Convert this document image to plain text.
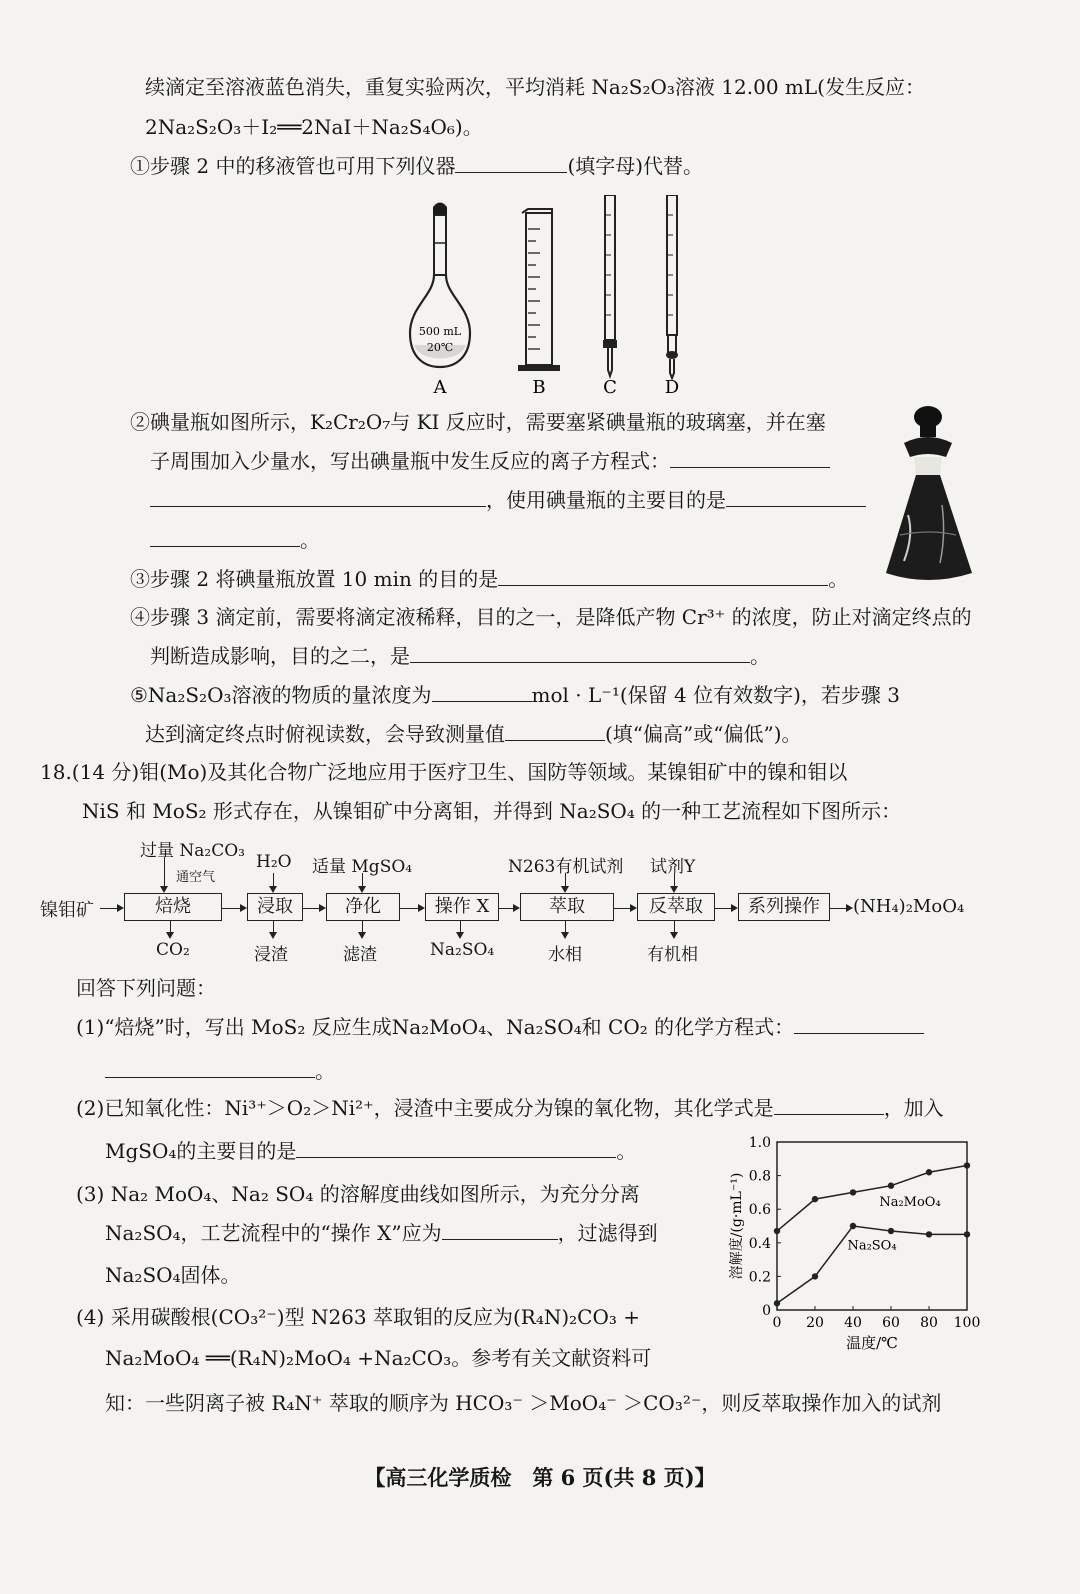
续滴定至溶液蓝色消失，重复实验两次，平均消耗 Na₂S₂O₃溶液 12.00 mL(发生反应：
2Na₂S₂O₃＋I₂══2NaI＋Na₂S₄O₆)。
①步骤 2 中的移液管也可用下列仪器	(填字母)代替。
500 mL
20℃
A	B	C	D
②碘量瓶如图所示，K₂Cr₂O₇与 KI 反应时，需要塞紧碘量瓶的玻璃塞，并在塞
子周围加入少量水，写出碘量瓶中发生反应的离子方程式：
，使用碘量瓶的主要目的是
。
③步骤 2 将碘量瓶放置 10 min 的目的是	。
④步骤 3 滴定前，需要将滴定液稀释，目的之一，是降低产物 Cr³⁺ 的浓度，防止对滴定终点的
判断造成影响，目的之二，是	。
⑤Na₂S₂O₃溶液的物质的量浓度为	mol · L⁻¹(保留 4 位有效数字)，若步骤 3
达到滴定终点时俯视读数，会导致测量值	(填“偏高”或“偏低”)。
18.(14 分)钼(Mo)及其化合物广泛地应用于医疗卫生、国防等领域。某镍钼矿中的镍和钼以
NiS 和 MoS₂ 形式存在，从镍钼矿中分离钼，并得到 Na₂SO₄ 的一种工艺流程如下图所示：
镍钼矿	焙烧	浸取	净化	操作 X	萃取	反萃取	系列操作	(NH₄)₂MoO₄
过量 Na₂CO₃
通空气
H₂O 适量 MgSO₄	N263有机试剂 试剂Y
CO₂	浸渣	滤渣	Na₂SO₄	水相	有机相
回答下列问题：
(1)“焙烧”时，写出 MoS₂ 反应生成Na₂MoO₄、Na₂SO₄和 CO₂ 的化学方程式：
。
(2)已知氧化性：Ni³⁺＞O₂＞Ni²⁺，浸渣中主要成分为镍的氧化物，其化学式是	，加入
MgSO₄的主要目的是	。
(3) Na₂ MoO₄、Na₂ SO₄ 的溶解度曲线如图所示，为充分分离
Na₂SO₄，工艺流程中的“操作 X”应为	，过滤得到
Na₂SO₄固体。
(4) 采用碳酸根(CO₃²⁻)型 N263 萃取钼的反应为(R₄N)₂CO₃ +
Na₂MoO₄ ══(R₄N)₂MoO₄ +Na₂CO₃。参考有关文献资料可
知：一些阴离子被 R₄N⁺ 萃取的顺序为 HCO₃⁻ ＞MoO₄⁻ ＞CO₃²⁻，则反萃取操作加入的试剂
0 20 40 60 80 100
0
0.2
0.4
0.6
0.8
1.0
温度/℃
溶解度/(g·mL⁻¹)	Na₂MoO₄
Na₂SO₄
【高三化学质检　第 6 页(共 8 页)】
